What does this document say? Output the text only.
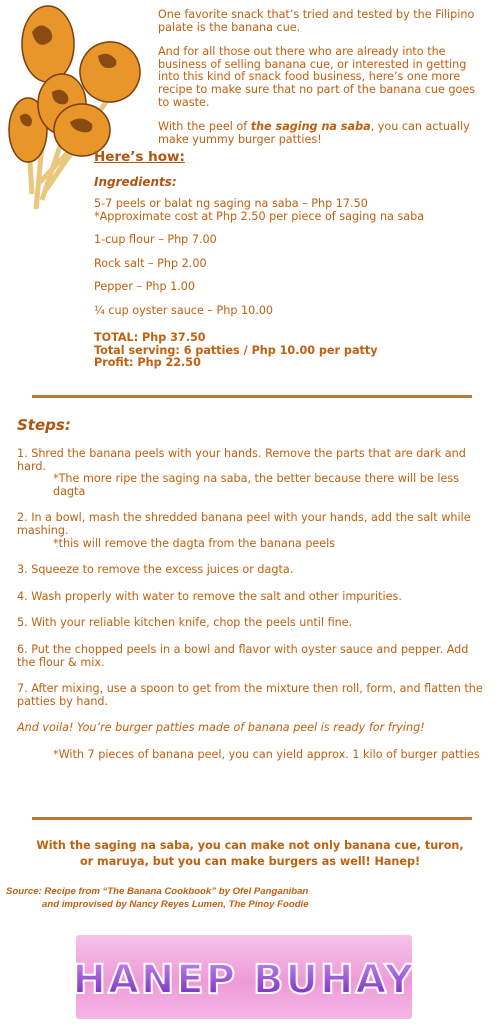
One favorite snack that’s tried and tested by the Filipino palate is the banana cue.

And for all those out there who are already into the business of selling banana cue, or interested in getting into this kind of snack food business, here’s one more recipe to make sure that no part of the banana cue goes to waste.

With the peel of the saging na saba, you can actually make yummy burger patties!

Here’s how:
Ingredients:
5-7 peels or balat ng saging na saba – Php 17.50
*Approximate cost at Php 2.50 per piece of saging na saba
1-cup flour – Php 7.00
Rock salt – Php 2.00
Pepper – Php 1.00
¼ cup oyster sauce – Php 10.00
TOTAL: Php 37.50
Total serving: 6 patties / Php 10.00 per patty
Profit: Php 22.50
Steps:
1. Shred the banana peels with your hands. Remove the parts that are dark and hard.
*The more ripe the saging na saba, the better because there will be less dagta
2. In a bowl, mash the shredded banana peel with your hands, add the salt while mashing.
*this will remove the dagta from the banana peels
3. Squeeze to remove the excess juices or dagta.
4. Wash properly with water to remove the salt and other impurities.
5. With your reliable kitchen knife, chop the peels until fine.
6. Put the chopped peels in a bowl and flavor with oyster sauce and pepper. Add the flour & mix.
7. After mixing, use a spoon to get from the mixture then roll, form, and flatten the patties by hand.
And voila! You’re burger patties made of banana peel is ready for frying!
*With 7 pieces of banana peel, you can yield approx. 1 kilo of burger patties
With the saging na saba, you can make not only banana cue, turon, or maruya, but you can make burgers as well! Hanep!
Source: Recipe from “The Banana Cookbook” by Ofel Panganiban
and improvised by Nancy Reyes Lumen, The Pinoy Foodie
HANEP BUHAY
